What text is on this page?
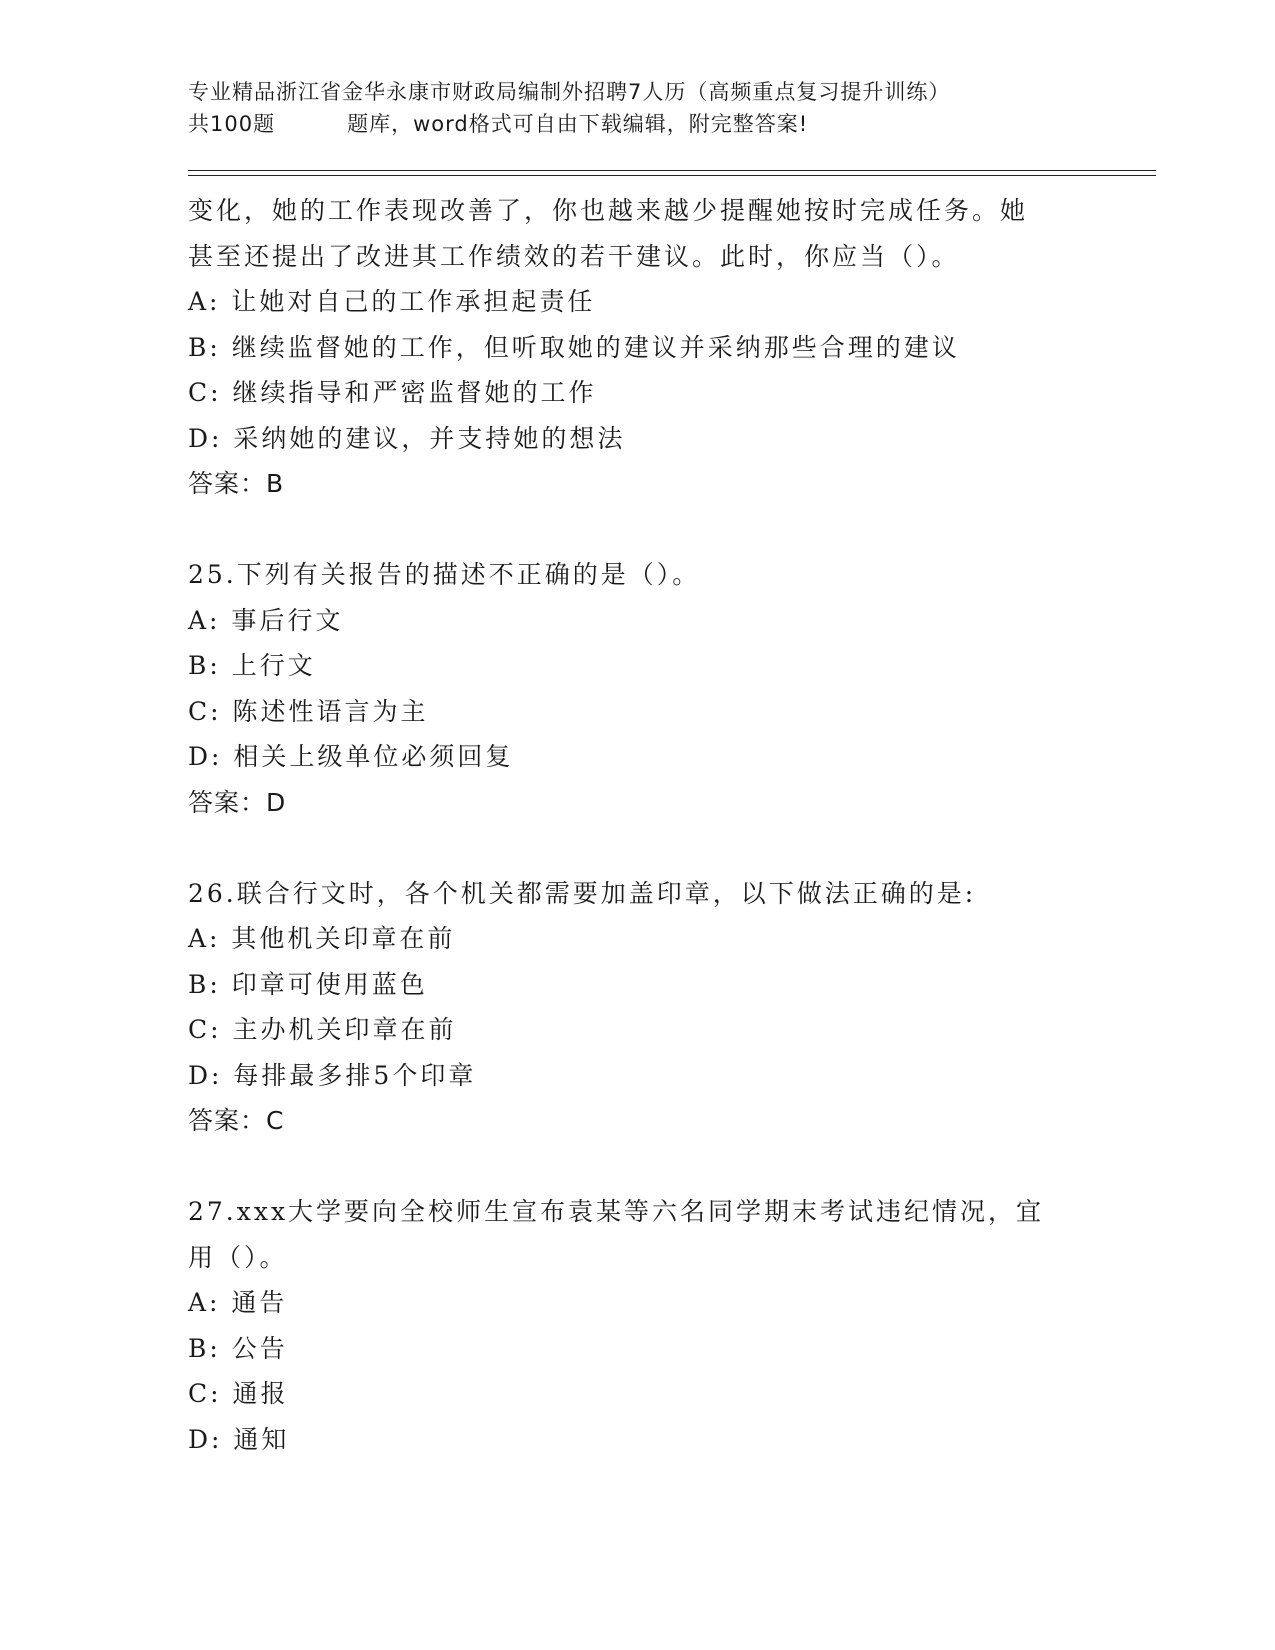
专业精品浙江省金华永康市财政局编制外招聘7人历（高频重点复习提升训练）
共100题	题库，word格式可自由下载编辑，附完整答案!
变化，她的工作表现改善了，你也越来越少提醒她按时完成任务。她
甚至还提出了改进其工作绩效的若干建议。此时，你应当（）。
A: 让她对自己的工作承担起责任
B: 继续监督她的工作，但听取她的建议并采纳那些合理的建议
C: 继续指导和严密监督她的工作
D: 采纳她的建议，并支持她的想法
答案：B
25.下列有关报告的描述不正确的是（）。
A: 事后行文
B: 上行文
C: 陈述性语言为主
D: 相关上级单位必须回复
答案：D
26.联合行文时，各个机关都需要加盖印章，以下做法正确的是:
A: 其他机关印章在前
B: 印章可使用蓝色
C: 主办机关印章在前
D: 每排最多排5个印章
答案：C
27.xxx大学要向全校师生宣布袁某等六名同学期末考试违纪情况，宜
用（）。
A: 通告
B: 公告
C: 通报
D: 通知
